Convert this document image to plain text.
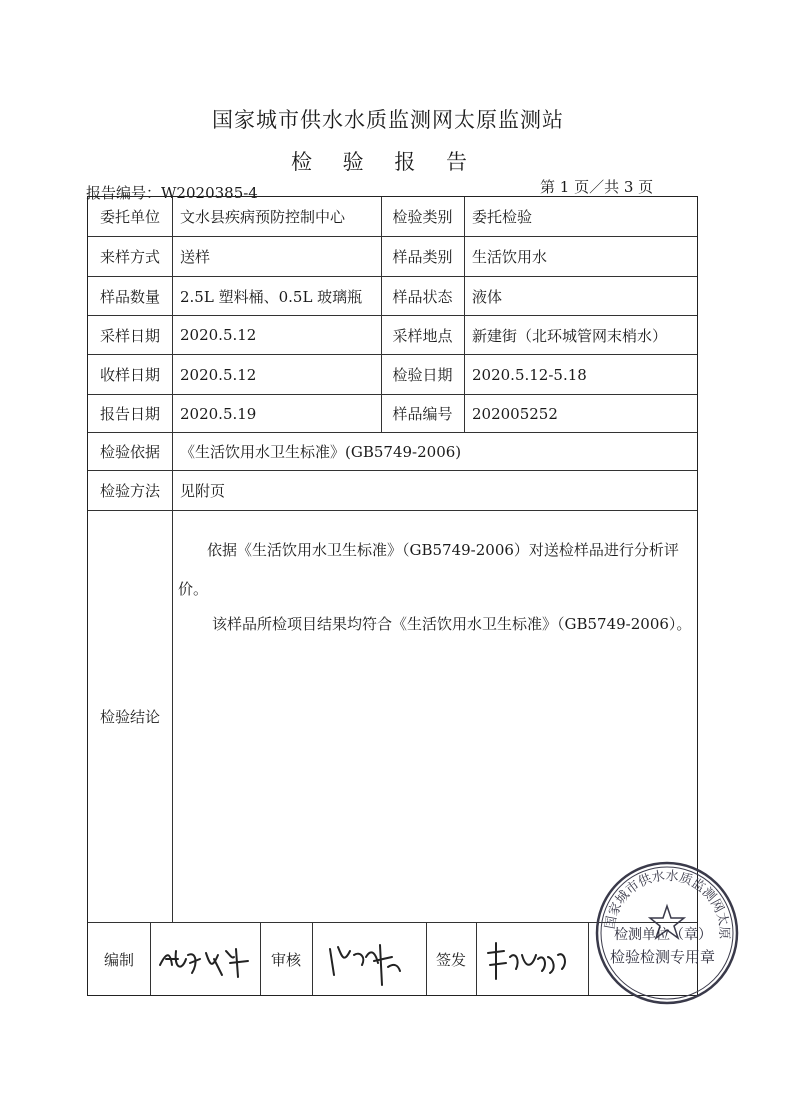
国家城市供水水质监测网太原监测站
检 验 报 告
报告编号：W2020385-4	第 1 页／共 3 页
委托单位	文水县疾病预防控制中心	检验类别	委托检验
来样方式	送样	样品类别	生活饮用水
样品数量	2.5L 塑料桶、0.5L 玻璃瓶	样品状态	液体
采样日期	2020.5.12	采样地点	新建街（北环城管网末梢水）
收样日期	2020.5.12	检验日期	2020.5.12-5.18
报告日期	2020.5.19	样品编号	202005252
检验依据	《生活饮用水卫生标准》(GB5749-2006)
检验方法	见附页
检验结论
依据《生活饮用水卫生标准》（GB5749-2006）对送检样品进行分析评
价。
该样品所检项目结果均符合《生活饮用水卫生标准》（GB5749-2006）。
编制	审核	签发
国家城市供水水质监测网太原
检测单位（章）
检验检测专用章
